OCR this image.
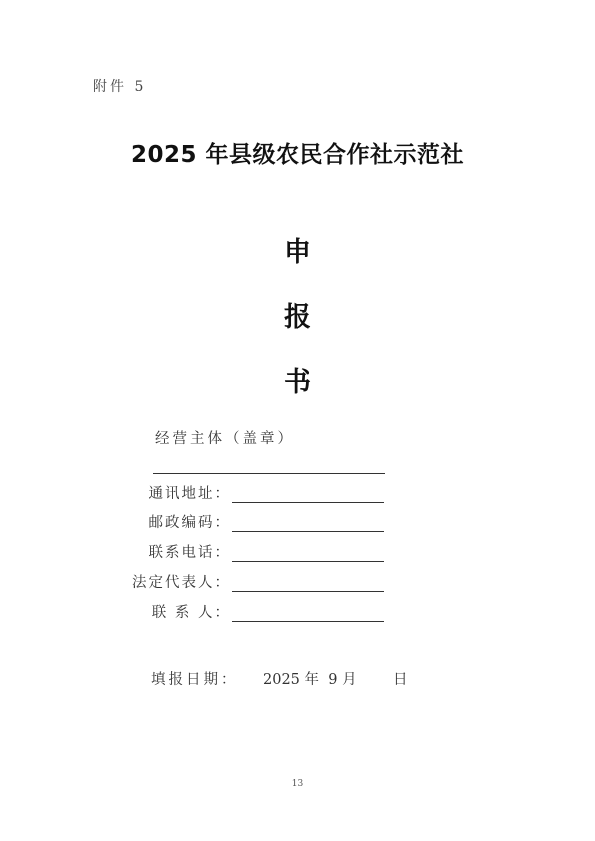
附件 5
2025 年县级农民合作社示范社
申
报
书
经营主体（盖章）
通讯地址：
邮政编码：
联系电话：
法定代表人：
联 系 人：
填报日期： 2025 年  9 月	日
13
